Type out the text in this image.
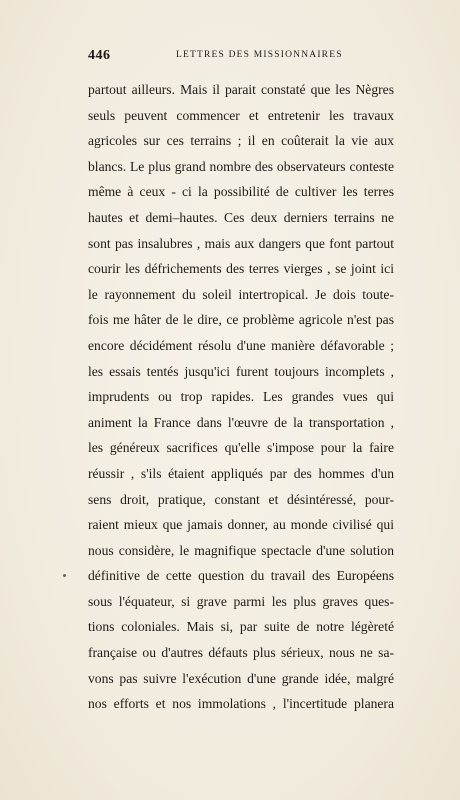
446	LETTRES DES MISSIONNAIRES
partout ailleurs. Mais il parait constaté que les Nègres
seuls peuvent commencer et entretenir les travaux
agricoles sur ces terrains ; il en coûterait la vie aux
blancs. Le plus grand nombre des observateurs conteste
même à ceux - ci la possibilité de cultiver les terres
hautes et demi–hautes. Ces deux derniers terrains ne
sont pas insalubres , mais aux dangers que font partout
courir les défrichements des terres vierges , se joint ici
le rayonnement du soleil intertropical. Je dois toute-
fois me hâter de le dire, ce problème agricole n'est pas
encore décidément résolu d'une manière défavorable ;
les essais tentés jusqu'ici furent toujours incomplets ,
imprudents ou trop rapides. Les grandes vues qui
animent la France dans l'œuvre de la transportation ,
les généreux sacrifices qu'elle s'impose pour la faire
réussir , s'ils étaient appliqués par des hommes d'un
sens droit, pratique, constant et désintéressé, pour-
raient mieux que jamais donner, au monde civilisé qui
nous considère, le magnifique spectacle d'une solution
définitive de cette question du travail des Européens
sous l'équateur, si grave parmi les plus graves ques-
tions coloniales. Mais si, par suite de notre légèreté
française ou d'autres défauts plus sérieux, nous ne sa-
vons pas suivre l'exécution d'une grande idée, malgré
nos efforts et nos immolations , l'incertitude planera
